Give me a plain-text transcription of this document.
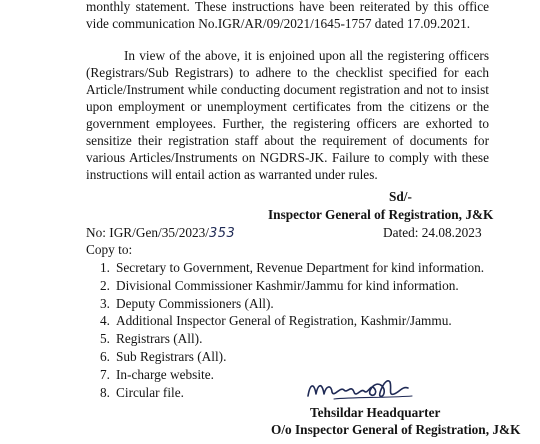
monthly statement. These instructions have been reiterated by this office vide communication No.IGR/AR/09/2021/1645-1757 dated 17.09.2021.
In view of the above, it is enjoined upon all the registering officers (Registrars/Sub Registrars) to adhere to the checklist specified for each Article/Instrument while conducting document registration and not to insist upon employment or unemployment certificates from the citizens or the government employees. Further, the registering officers are exhorted to sensitize their registration staff about the requirement of documents for various Articles/Instruments on NGDRS-JK. Failure to comply with these instructions will entail action as warranted under rules.
Sd/-
Inspector General of Registration, J&K
No: IGR/Gen/35/2023/353	Dated: 24.08.2023
Copy to:
1. Secretary to Government, Revenue Department for kind information.
2. Divisional Commissioner Kashmir/Jammu for kind information.
3. Deputy Commissioners (All).
4. Additional Inspector General of Registration, Kashmir/Jammu.
5. Registrars (All).
6. Sub Registrars (All).
7. In-charge website.
8. Circular file.
Tehsildar Headquarter
O/o Inspector General of Registration, J&K
